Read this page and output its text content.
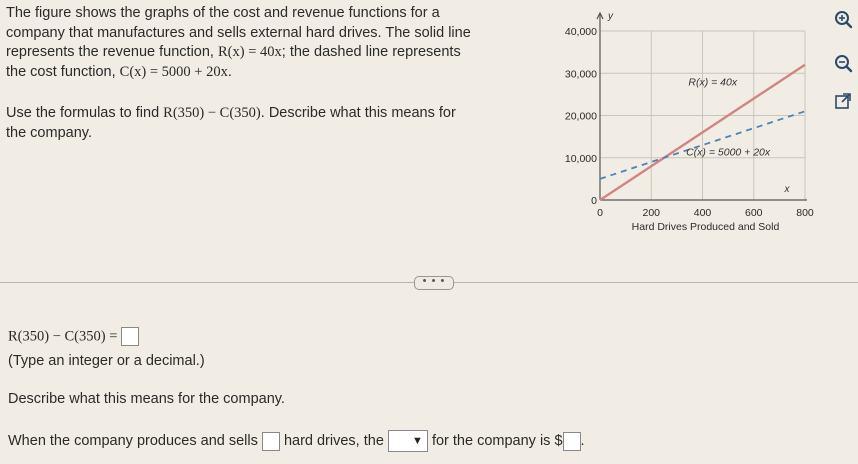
The figure shows the graphs of the cost and revenue functions for a

company that manufactures and sells external hard drives. The solid line

represents the revenue function, R(x) = 40x; the dashed line represents

the cost function, C(x) = 5000 + 20x.

Use the formulas to find R(350) − C(350). Describe what this means for

the company.

y
x
0
10,000
20,000
30,000
40,000
0	200	400	600	800
Hard Drives Produced and Sold
R(x) = 40x
C(x) = 5000 + 20x
• • •
R(350) − C(350) =
(Type an integer or a decimal.)
Describe what this means for the company.
When the company produces and sells hard drives, the	▼ for the company is $ .
